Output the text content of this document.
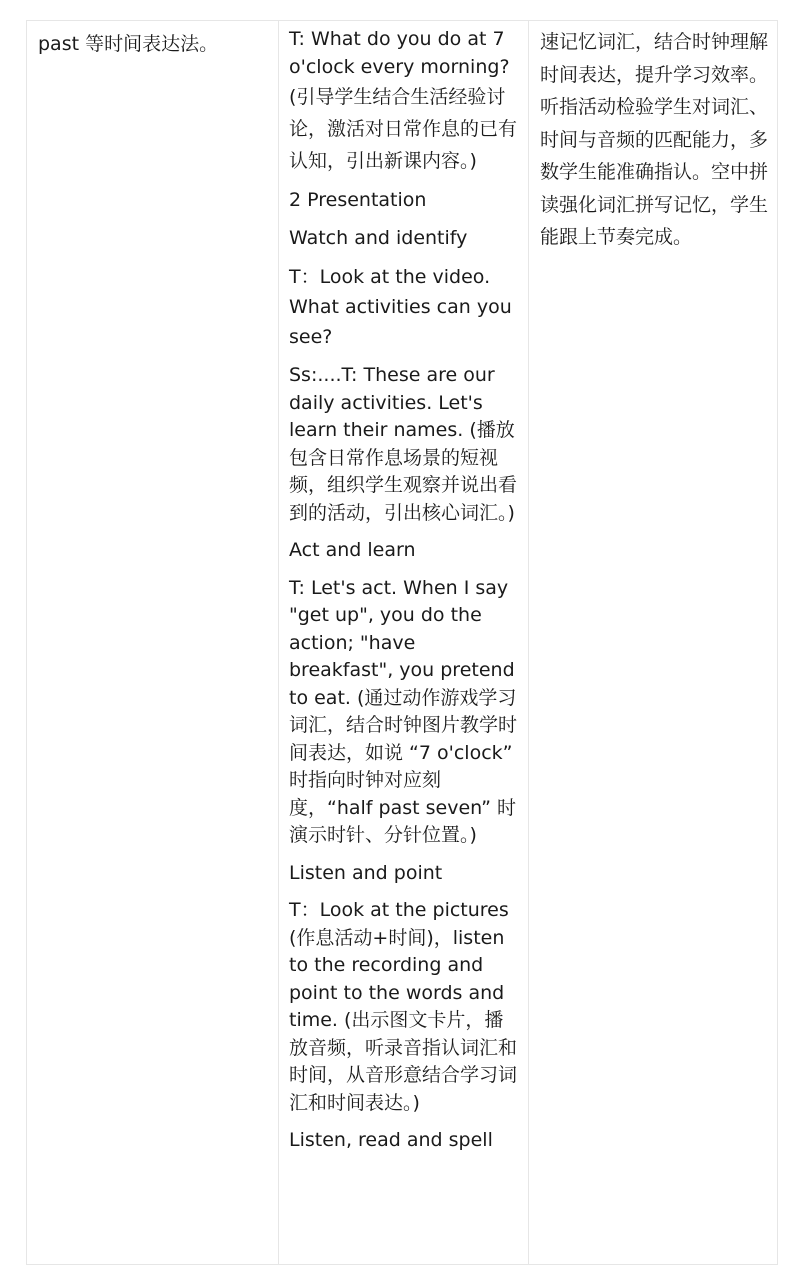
past 等时间表达法。	T: What do you do at 7 o'clock every morning? (引导学生结合生活经验讨论，激活对日常作息的已有认知，引出新课内容。)
2 Presentation
Watch and identify
T：Look at the video. What activities can you see?
Ss:....T: These are our daily activities. Let's learn their names. (播放包含日常作息场景的短视频，组织学生观察并说出看到的活动，引出核心词汇。)
Act and learn
T: Let's act. When I say "get up", you do the action; "have breakfast", you pretend to eat. (通过动作游戏学习词汇，结合时钟图片教学时间表达，如说 “7 o'clock” 时指向时钟对应刻度，“half past seven” 时演示时针、分针位置。)
Listen and point
T：Look at the pictures (作息活动+时间)，listen to the recording and point to the words and time. (出示图文卡片，播放音频，听录音指认词汇和时间，从音形意结合学习词汇和时间表达。)
Listen, read and spell
速记忆词汇，结合时钟理解时间表达，提升学习效率。听指活动检验学生对词汇、时间与音频的匹配能力，多数学生能准确指认。空中拼读强化词汇拼写记忆，学生能跟上节奏完成。
